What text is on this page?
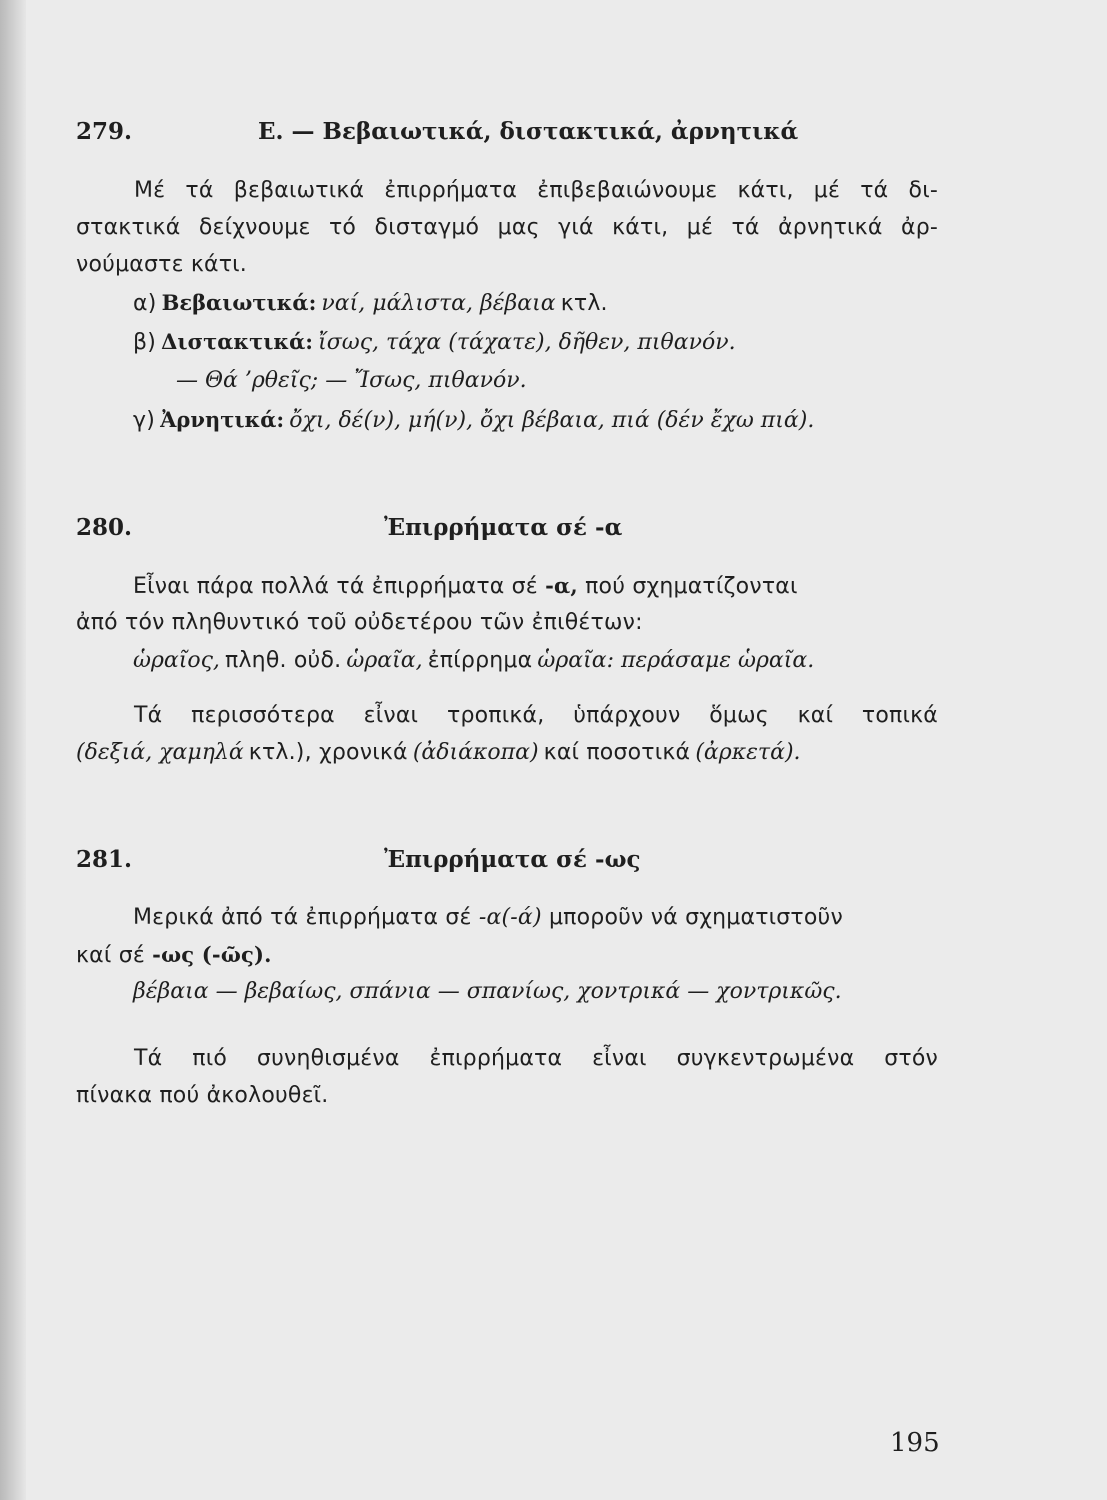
279.	Ε. — Βεβαιωτικά, διστακτικά, ἀρνητικά
Μέ τά βεβαιωτικά ἐπιρρήματα ἐπιβεβαιώνουμε κάτι, μέ τά δι-
στακτικά δείχνουμε τό δισταγμό μας γιά κάτι, μέ τά ἀρνητικά ἀρ-
νούμαστε κάτι.
α) Βεβαιωτικά: ναί, μάλιστα, βέβαια κτλ.
β) Διστακτικά: ἴσως, τάχα (τάχατε), δῆθεν, πιθανόν.
— Θά ’ρθεῖς; — Ἴσως, πιθανόν.
γ) Ἀρνητικά: ὄχι, δέ(ν), μή(ν), ὄχι βέβαια, πιά (δέν ἔχω πιά).
280.	Ἐπιρρήματα σέ -α
Εἶναι πάρα πολλά τά ἐπιρρήματα σέ -α, πού σχηματίζονται
ἀπό τόν πληθυντικό τοῦ οὐδετέρου τῶν ἐπιθέτων:
ὡραῖος, πληθ. οὐδ. ὡραῖα, ἐπίρρημα ὡραῖα: περάσαμε ὡραῖα.
Τά περισσότερα εἶναι τροπικά, ὑπάρχουν ὅμως καί τοπικά
(δεξιά, χαμηλά κτλ.), χρονικά (ἀδιάκοπα) καί ποσοτικά (ἀρκετά).
281.	Ἐπιρρήματα σέ -ως
Μερικά ἀπό τά ἐπιρρήματα σέ -α(-ά) μποροῦν νά σχηματιστοῦν
καί σέ -ως (-ῶς).
βέβαια — βεβαίως, σπάνια — σπανίως, χοντρικά — χοντρικῶς.
Τά πιό συνηθισμένα ἐπιρρήματα εἶναι συγκεντρωμένα στόν
πίνακα πού ἀκολουθεῖ.
195
